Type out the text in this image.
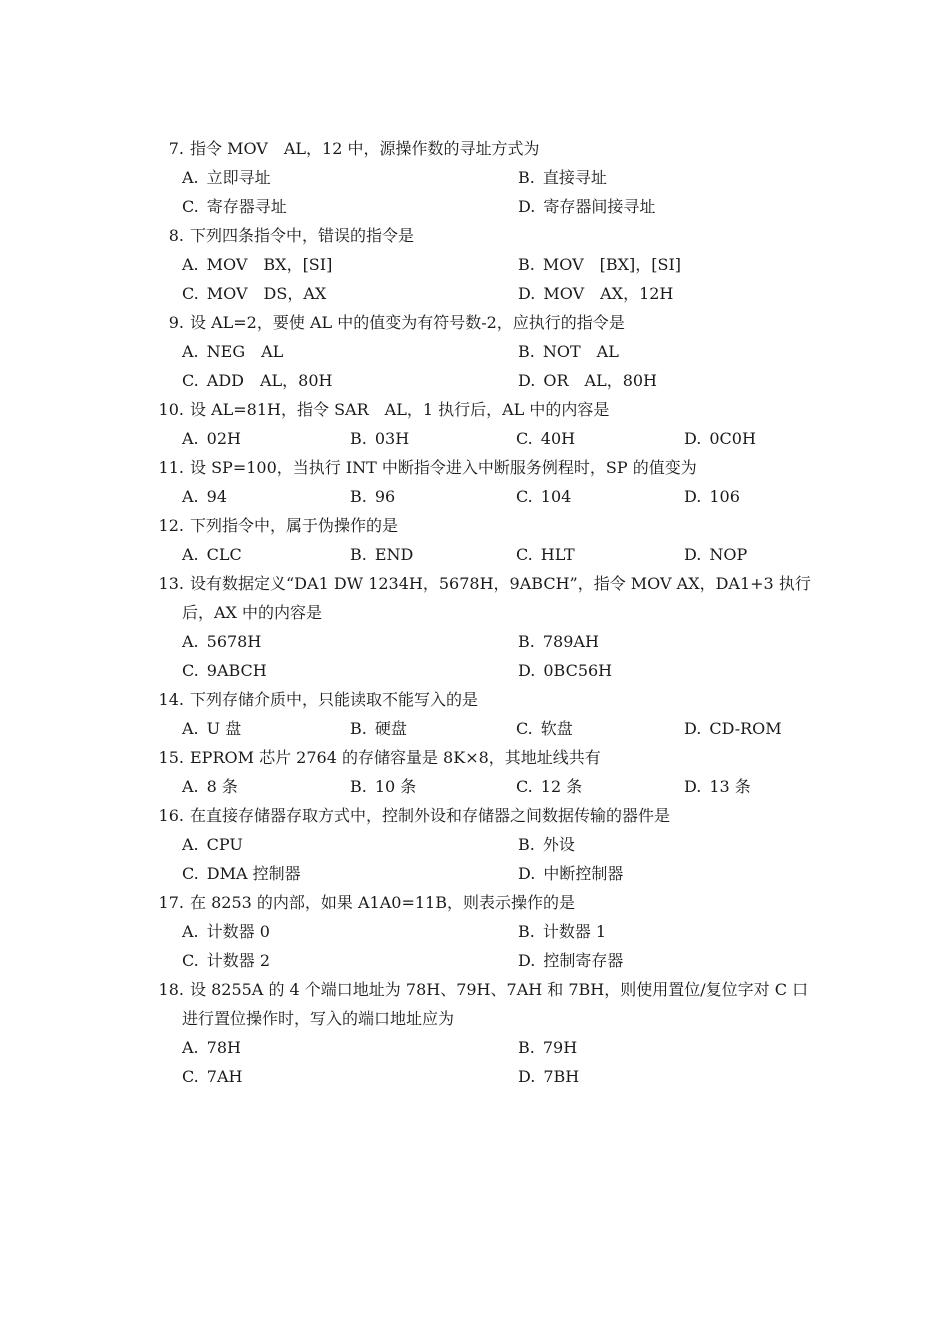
7. 指令 MOV　AL，12 中，源操作数的寻址方式为
A. 立即寻址	B. 直接寻址
C. 寄存器寻址	D. 寄存器间接寻址
8. 下列四条指令中，错误的指令是
A. MOV　BX，[SI]	B. MOV　[BX]，[SI]
C. MOV　DS，AX	D. MOV　AX，12H
9. 设 AL=2，要使 AL 中的值变为有符号数-2，应执行的指令是
A. NEG　AL	B. NOT　AL
C. ADD　AL，80H	D. OR　AL，80H
10. 设 AL=81H，指令 SAR　AL，1 执行后，AL 中的内容是
A. 02H	B. 03H	C. 40H	D. 0C0H
11. 设 SP=100，当执行 INT 中断指令进入中断服务例程时，SP 的值变为
A. 94	B. 96	C. 104	D. 106
12. 下列指令中，属于伪操作的是
A. CLC	B. END	C. HLT	D. NOP
13. 设有数据定义“DA1 DW 1234H，5678H，9ABCH”，指令 MOV AX，DA1+3 执行
后，AX 中的内容是
A. 5678H	B. 789AH
C. 9ABCH	D. 0BC56H
14. 下列存储介质中，只能读取不能写入的是
A. U 盘	B. 硬盘	C. 软盘	D. CD-ROM
15. EPROM 芯片 2764 的存储容量是 8K×8，其地址线共有
A. 8 条	B. 10 条	C. 12 条	D. 13 条
16. 在直接存储器存取方式中，控制外设和存储器之间数据传输的器件是
A. CPU	B. 外设
C. DMA 控制器	D. 中断控制器
17. 在 8253 的内部，如果 A1A0=11B，则表示操作的是
A. 计数器 0	B. 计数器 1
C. 计数器 2	D. 控制寄存器
18. 设 8255A 的 4 个端口地址为 78H、79H、7AH 和 7BH，则使用置位/复位字对 C 口
进行置位操作时，写入的端口地址应为
A. 78H	B. 79H
C. 7AH	D. 7BH
